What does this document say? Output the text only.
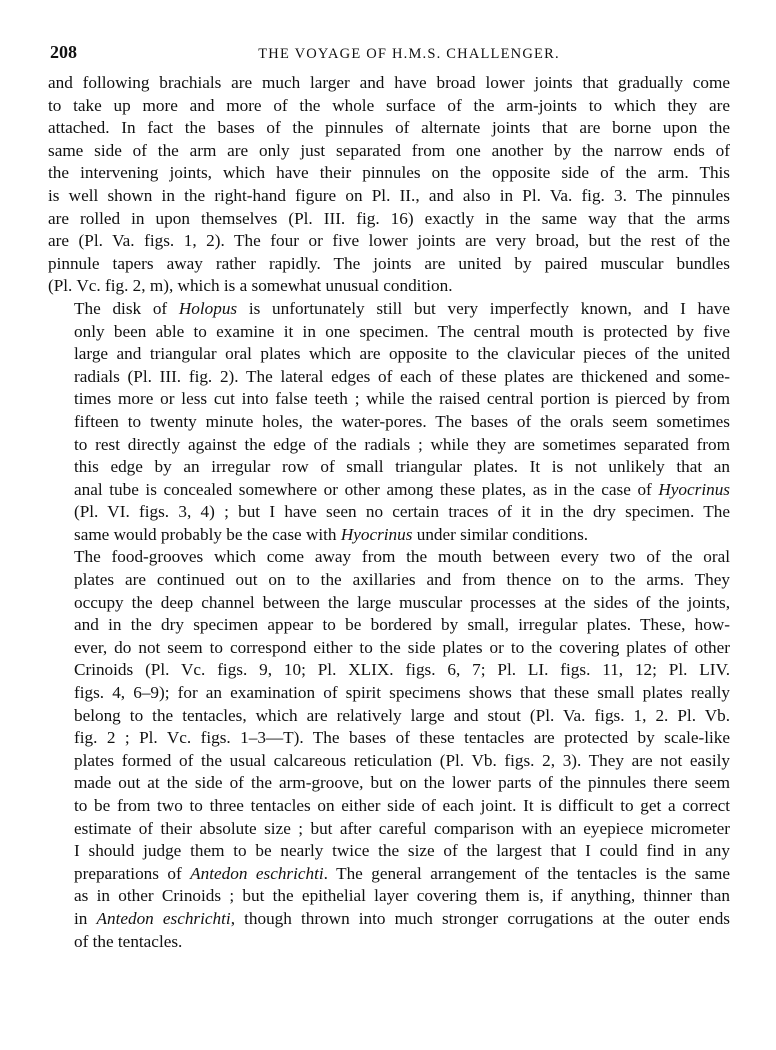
208	THE VOYAGE OF H.M.S. CHALLENGER.

and following brachials are much larger and have broad lower joints that gradually come
to take up more and more of the whole surface of the arm-joints to which they are
attached. In fact the bases of the pinnules of alternate joints that are borne upon the
same side of the arm are only just separated from one another by the narrow ends of
the intervening joints, which have their pinnules on the opposite side of the arm. This
is well shown in the right-hand figure on Pl. II., and also in Pl. Va. fig. 3. The pinnules
are rolled in upon themselves (Pl. III. fig. 16) exactly in the same way that the arms
are (Pl. Va. figs. 1, 2). The four or five lower joints are very broad, but the rest of the
pinnule tapers away rather rapidly. The joints are united by paired muscular bundles
(Pl. Vc. fig. 2, m), which is a somewhat unusual condition.

The disk of Holopus is unfortunately still but very imperfectly known, and I have
only been able to examine it in one specimen. The central mouth is protected by five
large and triangular oral plates which are opposite to the clavicular pieces of the united
radials (Pl. III. fig. 2). The lateral edges of each of these plates are thickened and some-
times more or less cut into false teeth ; while the raised central portion is pierced by from
fifteen to twenty minute holes, the water-pores. The bases of the orals seem sometimes
to rest directly against the edge of the radials ; while they are sometimes separated from
this edge by an irregular row of small triangular plates. It is not unlikely that an
anal tube is concealed somewhere or other among these plates, as in the case of Hyocrinus
(Pl. VI. figs. 3, 4) ; but I have seen no certain traces of it in the dry specimen. The
same would probably be the case with Hyocrinus under similar conditions.

The food-grooves which come away from the mouth between every two of the oral
plates are continued out on to the axillaries and from thence on to the arms. They
occupy the deep channel between the large muscular processes at the sides of the joints,
and in the dry specimen appear to be bordered by small, irregular plates. These, how-
ever, do not seem to correspond either to the side plates or to the covering plates of other
Crinoids (Pl. Vc. figs. 9, 10; Pl. XLIX. figs. 6, 7; Pl. LI. figs. 11, 12; Pl. LIV.
figs. 4, 6–9); for an examination of spirit specimens shows that these small plates really
belong to the tentacles, which are relatively large and stout (Pl. Va. figs. 1, 2. Pl. Vb.
fig. 2 ; Pl. Vc. figs. 1–3—T). The bases of these tentacles are protected by scale-like
plates formed of the usual calcareous reticulation (Pl. Vb. figs. 2, 3). They are not easily
made out at the side of the arm-groove, but on the lower parts of the pinnules there seem
to be from two to three tentacles on either side of each joint. It is difficult to get a correct
estimate of their absolute size ; but after careful comparison with an eyepiece micrometer
I should judge them to be nearly twice the size of the largest that I could find in any
preparations of Antedon eschrichti. The general arrangement of the tentacles is the same
as in other Crinoids ; but the epithelial layer covering them is, if anything, thinner than
in Antedon eschrichti, though thrown into much stronger corrugations at the outer ends
of the tentacles.
